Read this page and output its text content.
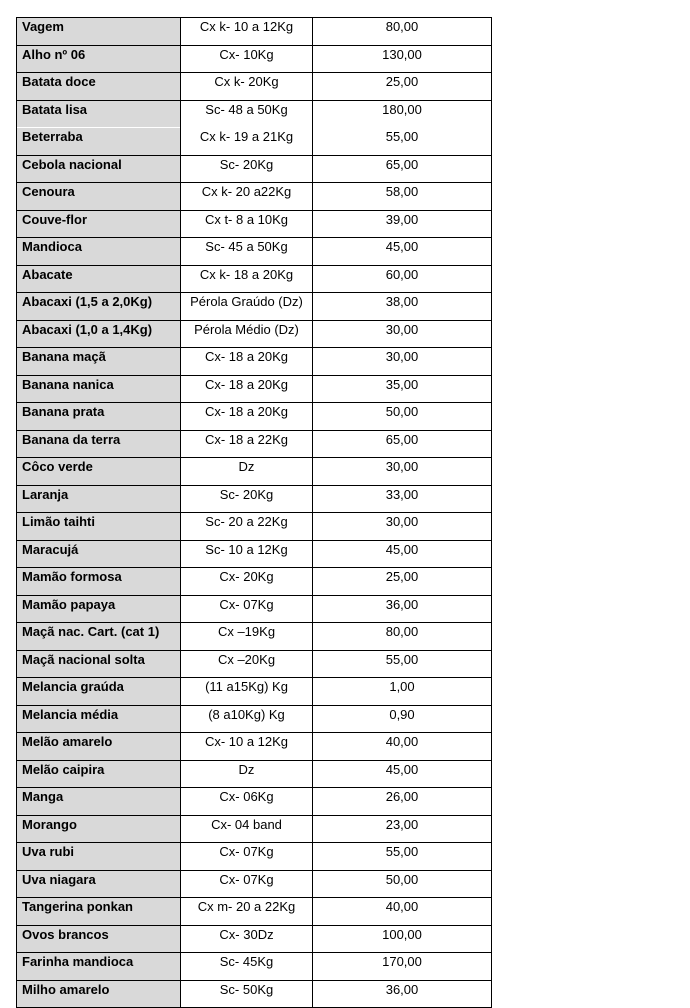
Vagem	Cx k- 10 a 12Kg	80,00
Alho nº 06	Cx- 10Kg	130,00
Batata doce	Cx k- 20Kg	25,00
Batata lisa	Sc- 48 a 50Kg	180,00
Beterraba	Cx k- 19 a 21Kg	55,00
Cebola nacional	Sc- 20Kg	65,00
Cenoura	Cx k- 20 a22Kg	58,00
Couve-flor	Cx t- 8 a 10Kg	39,00
Mandioca	Sc- 45 a 50Kg	45,00
Abacate	Cx k- 18 a 20Kg	60,00
Abacaxi (1,5 a 2,0Kg)	Pérola Graúdo (Dz)	38,00
Abacaxi (1,0 a 1,4Kg)	Pérola Médio (Dz)	30,00
Banana maçã	Cx- 18 a 20Kg	30,00
Banana nanica	Cx- 18 a 20Kg	35,00
Banana prata	Cx- 18 a 20Kg	50,00
Banana da terra	Cx- 18 a 22Kg	65,00
Côco verde	Dz	30,00
Laranja	Sc- 20Kg	33,00
Limão taihti	Sc- 20 a 22Kg	30,00
Maracujá	Sc- 10 a 12Kg	45,00
Mamão formosa	Cx- 20Kg	25,00
Mamão papaya	Cx- 07Kg	36,00
Maçã nac. Cart. (cat 1)	Cx –19Kg	80,00
Maçã nacional solta	Cx –20Kg	55,00
Melancia graúda	(11 a15Kg) Kg	1,00
Melancia média	(8 a10Kg) Kg	0,90
Melão amarelo	Cx- 10 a 12Kg	40,00
Melão caipira	Dz	45,00
Manga	Cx- 06Kg	26,00
Morango	Cx- 04 band	23,00
Uva rubi	Cx- 07Kg	55,00
Uva niagara	Cx- 07Kg	50,00
Tangerina ponkan	Cx m- 20 a 22Kg	40,00
Ovos brancos	Cx- 30Dz	100,00
Farinha mandioca	Sc- 45Kg	170,00
Milho amarelo	Sc- 50Kg	36,00
